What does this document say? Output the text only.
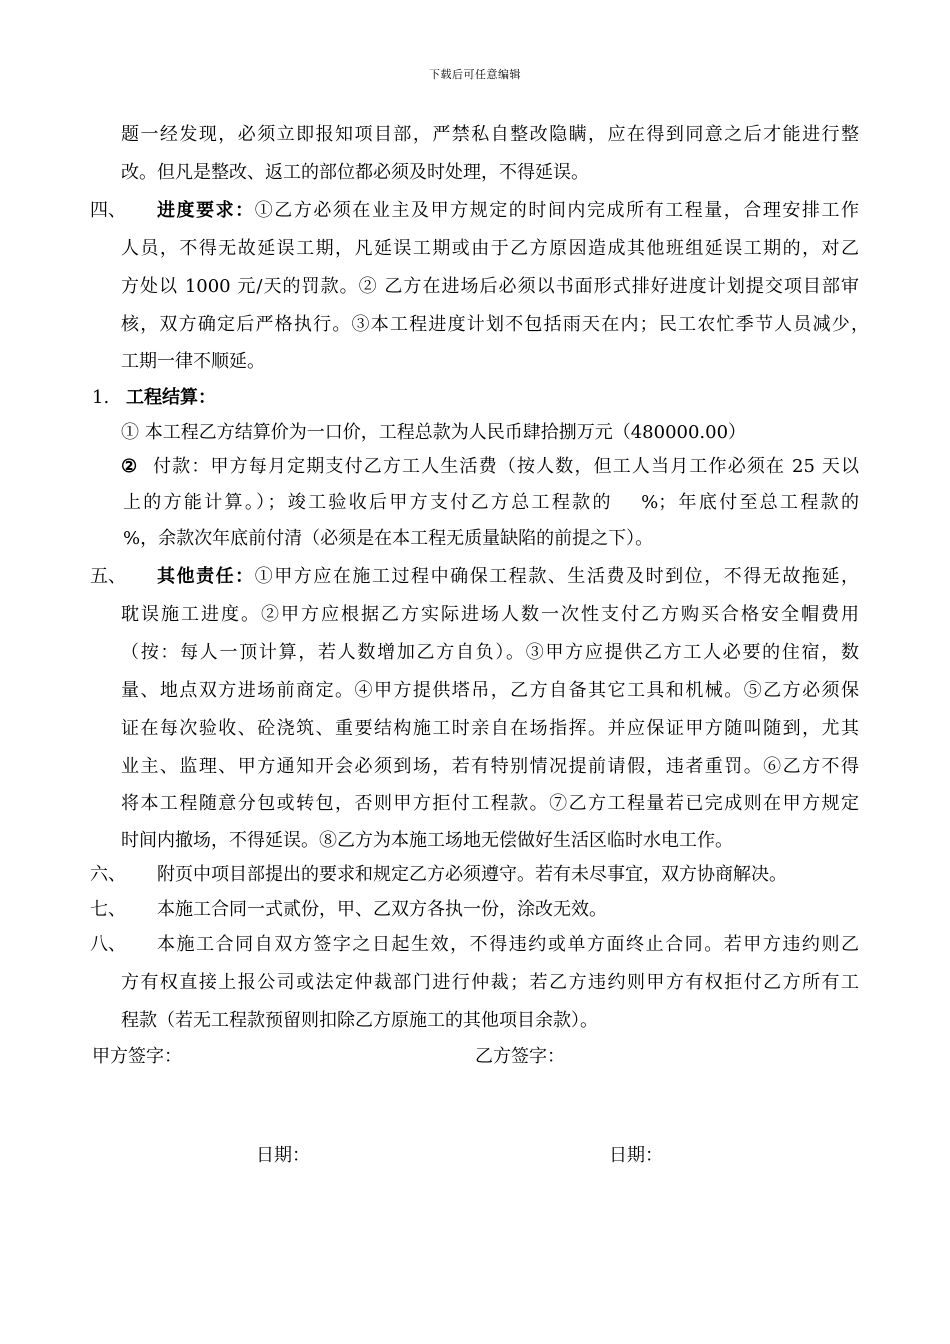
下载后可任意编辑
题一经发现，必须立即报知项目部，严禁私自整改隐瞒，应在得到同意之后才能进行整
改。但凡是整改、返工的部位都必须及时处理，不得延误。
四、 进度要求：①乙方必须在业主及甲方规定的时间内完成所有工程量，合理安排工作
人员，不得无故延误工期，凡延误工期或由于乙方原因造成其他班组延误工期的，对乙
方处以 1000 元/天的罚款。② 乙方在进场后必须以书面形式排好进度计划提交项目部审
核，双方确定后严格执行。③本工程进度计划不包括雨天在内；民工农忙季节人员减少，
工期一律不顺延。
1. 工程结算：
① 本工程乙方结算价为一口价，工程总款为人民币肆拾捌万元（480000.00）
② 付款：甲方每月定期支付乙方工人生活费（按人数，但工人当月工作必须在 25 天以
上的方能计算。）；竣工验收后甲方支付乙方总工程款的　 %；年底付至总工程款的
%，余款次年底前付清（必须是在本工程无质量缺陷的前提之下）。
五、 其他责任：①甲方应在施工过程中确保工程款、生活费及时到位，不得无故拖延，
耽误施工进度。②甲方应根据乙方实际进场人数一次性支付乙方购买合格安全帽费用
（按：每人一顶计算，若人数增加乙方自负）。③甲方应提供乙方工人必要的住宿，数
量、地点双方进场前商定。④甲方提供塔吊，乙方自备其它工具和机械。⑤乙方必须保
证在每次验收、砼浇筑、重要结构施工时亲自在场指挥。并应保证甲方随叫随到，尤其
业主、监理、甲方通知开会必须到场，若有特别情况提前请假，违者重罚。⑥乙方不得
将本工程随意分包或转包，否则甲方拒付工程款。⑦乙方工程量若已完成则在甲方规定
时间内撤场，不得延误。⑧乙方为本施工场地无偿做好生活区临时水电工作。
六、 附页中项目部提出的要求和规定乙方必须遵守。若有未尽事宜，双方协商解决。
七、 本施工合同一式贰份，甲、乙双方各执一份，涂改无效。
八、 本施工合同自双方签字之日起生效，不得违约或单方面终止合同。若甲方违约则乙
方有权直接上报公司或法定仲裁部门进行仲裁；若乙方违约则甲方有权拒付乙方所有工
程款（若无工程款预留则扣除乙方原施工的其他项目余款）。
甲方签字：	乙方签字：
日期：	日期：
